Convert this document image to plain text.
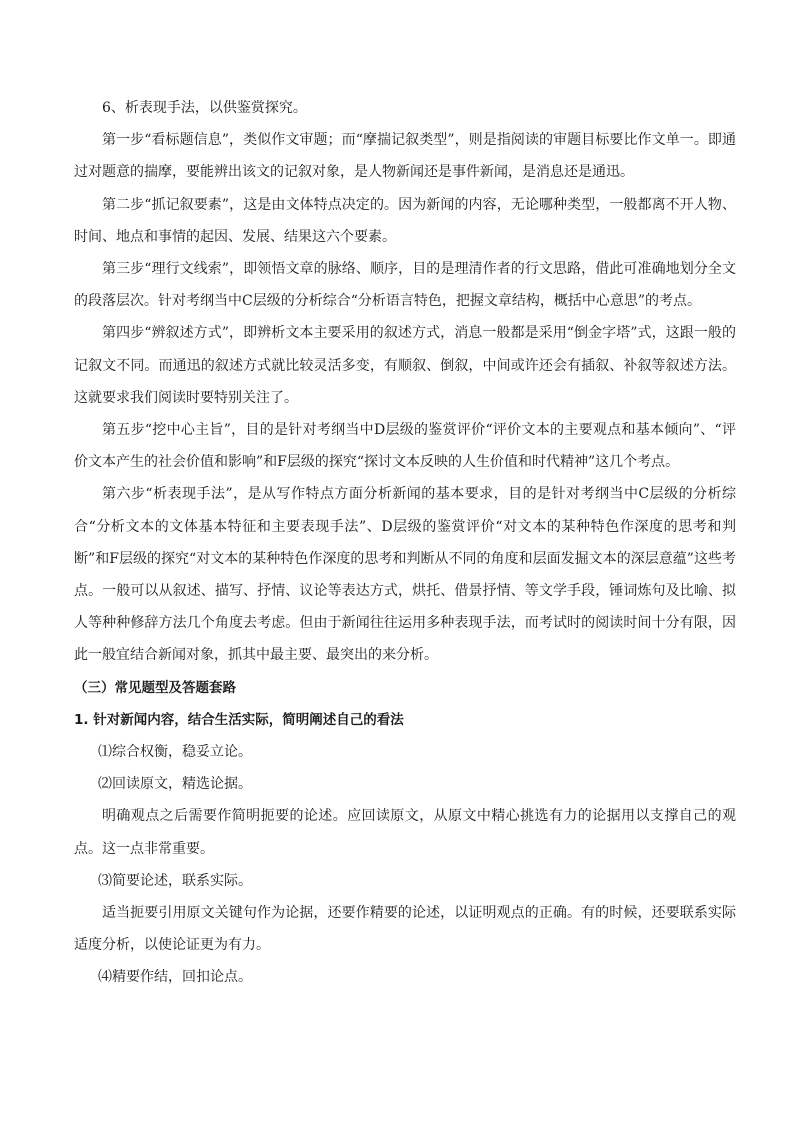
6、析表现手法，以供鉴赏探究。

第一步“看标题信息”，类似作文审题；而“摩揣记叙类型”，则是指阅读的审题目标要比作文单一。即通过对题意的揣摩，要能辨出该文的记叙对象，是人物新闻还是事件新闻，是消息还是通迅。

第二步“抓记叙要素”，这是由文体特点决定的。因为新闻的内容，无论哪种类型，一般都离不开人物、时间、地点和事情的起因、发展、结果这六个要素。

第三步“理行文线索”，即领悟文章的脉络、顺序，目的是理清作者的行文思路，借此可准确地划分全文的段落层次。针对考纲当中C层级的分析综合“分析语言特色，把握文章结构，概括中心意思”的考点。

第四步“辨叙述方式”，即辨析文本主要采用的叙述方式，消息一般都是采用“倒金字塔”式，这跟一般的记叙文不同。而通迅的叙述方式就比较灵活多变，有顺叙、倒叙，中间或许还会有插叙、补叙等叙述方法。这就要求我们阅读时要特别关注了。

第五步“挖中心主旨”，目的是针对考纲当中D层级的鉴赏评价“评价文本的主要观点和基本倾向”、“评价文本产生的社会价值和影响”和F层级的探究“探讨文本反映的人生价值和时代精神”这几个考点。

第六步“析表现手法”，是从写作特点方面分析新闻的基本要求，目的是针对考纲当中C层级的分析综合“分析文本的文体基本特征和主要表现手法”、D层级的鉴赏评价“对文本的某种特色作深度的思考和判断”和F层级的探究“对文本的某种特色作深度的思考和判断从不同的角度和层面发掘文本的深层意蕴”这些考点。一般可以从叙述、描写、抒情、议论等表达方式，烘托、借景抒情、等文学手段，锤词炼句及比喻、拟人等种种修辞方法几个角度去考虑。但由于新闻往往运用多种表现手法，而考试时的阅读时间十分有限，因此一般宜结合新闻对象，抓其中最主要、最突出的来分析。

（三）常见题型及答题套路

1. 针对新闻内容，结合生活实际，简明阐述自己的看法

⑴综合权衡，稳妥立论。

⑵回读原文，精选论据。

明确观点之后需要作简明扼要的论述。应回读原文，从原文中精心挑选有力的论据用以支撑自己的观点。这一点非常重要。

⑶简要论述，联系实际。

适当扼要引用原文关键句作为论据，还要作精要的论述，以证明观点的正确。有的时候，还要联系实际适度分析，以使论证更为有力。

⑷精要作结，回扣论点。
